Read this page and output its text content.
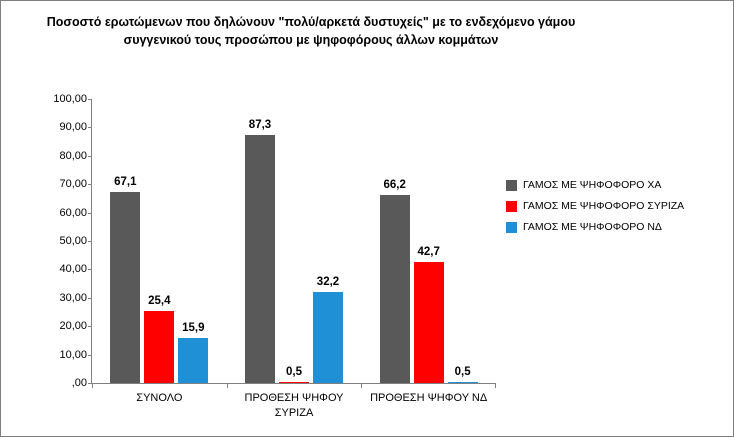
Ποσοστό ερωτώμενων που δηλώνουν "πολύ/αρκετά δυστυχείς" με το ενδεχόμενο γάμου συγγενικού τους προσώπου με ψηφοφόρους άλλων κομμάτων
100,00
90,00
80,00
70,00
60,00
50,00
40,00
30,00
20,00
10,00
,00
ΣΥΝΟΛΟ
67,1
25,4
15,9
ΠΡΟΘΕΣΗ ΨΗΦΟΥ ΣΥΡΙΖΑ
87,3
0,5
32,2
ΠΡΟΘΕΣΗ ΨΗΦΟΥ ΝΔ
66,2
42,7
0,5
ΓΑΜΟΣ ΜΕ ΨΗΦΟΦΟΡΟ ΧΑ
ΓΑΜΟΣ ΜΕ ΨΗΦΟΦΟΡΟ ΣΥΡΙΖΑ
ΓΑΜΟΣ ΜΕ ΨΗΦΟΦΟΡΟ ΝΔ
